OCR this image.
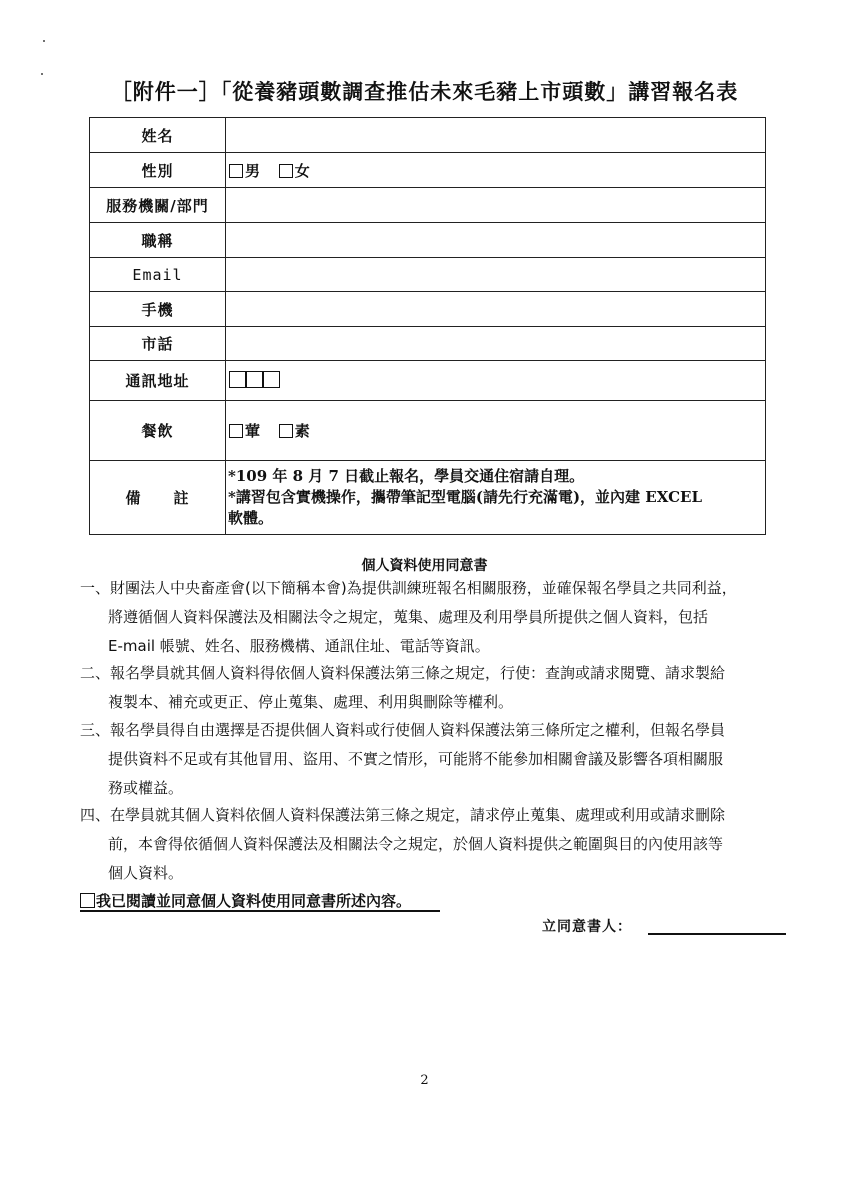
［附件一］「從養豬頭數調查推估未來毛豬上市頭數」講習報名表
姓名	
性別	男 女
服務機關/部門	
職稱	
Email	
手機	
市話	
通訊地址	
餐飲	葷 素
備　　註	*109 年 8 月 7 日截止報名，學員交通住宿請自理。
*講習包含實機操作，攜帶筆記型電腦(請先行充滿電)，並內建 EXCEL
軟體。
個人資料使用同意書
一、財團法人中央畜產會(以下簡稱本會)為提供訓練班報名相關服務，並確保報名學員之共同利益，
將遵循個人資料保護法及相關法令之規定，蒐集、處理及利用學員所提供之個人資料，包括
E-mail 帳號、姓名、服務機構、通訊住址、電話等資訊。
二、報名學員就其個人資料得依個人資料保護法第三條之規定，行使：查詢或請求閱覽、請求製給
複製本、補充或更正、停止蒐集、處理、利用與刪除等權利。
三、報名學員得自由選擇是否提供個人資料或行使個人資料保護法第三條所定之權利，但報名學員
提供資料不足或有其他冒用、盜用、不實之情形，可能將不能參加相關會議及影響各項相關服
務或權益。
四、在學員就其個人資料依個人資料保護法第三條之規定，請求停止蒐集、處理或利用或請求刪除
前，本會得依循個人資料保護法及相關法令之規定，於個人資料提供之範圍與目的內使用該等
個人資料。
我已閱讀並同意個人資料使用同意書所述內容。
立同意書人：
2
